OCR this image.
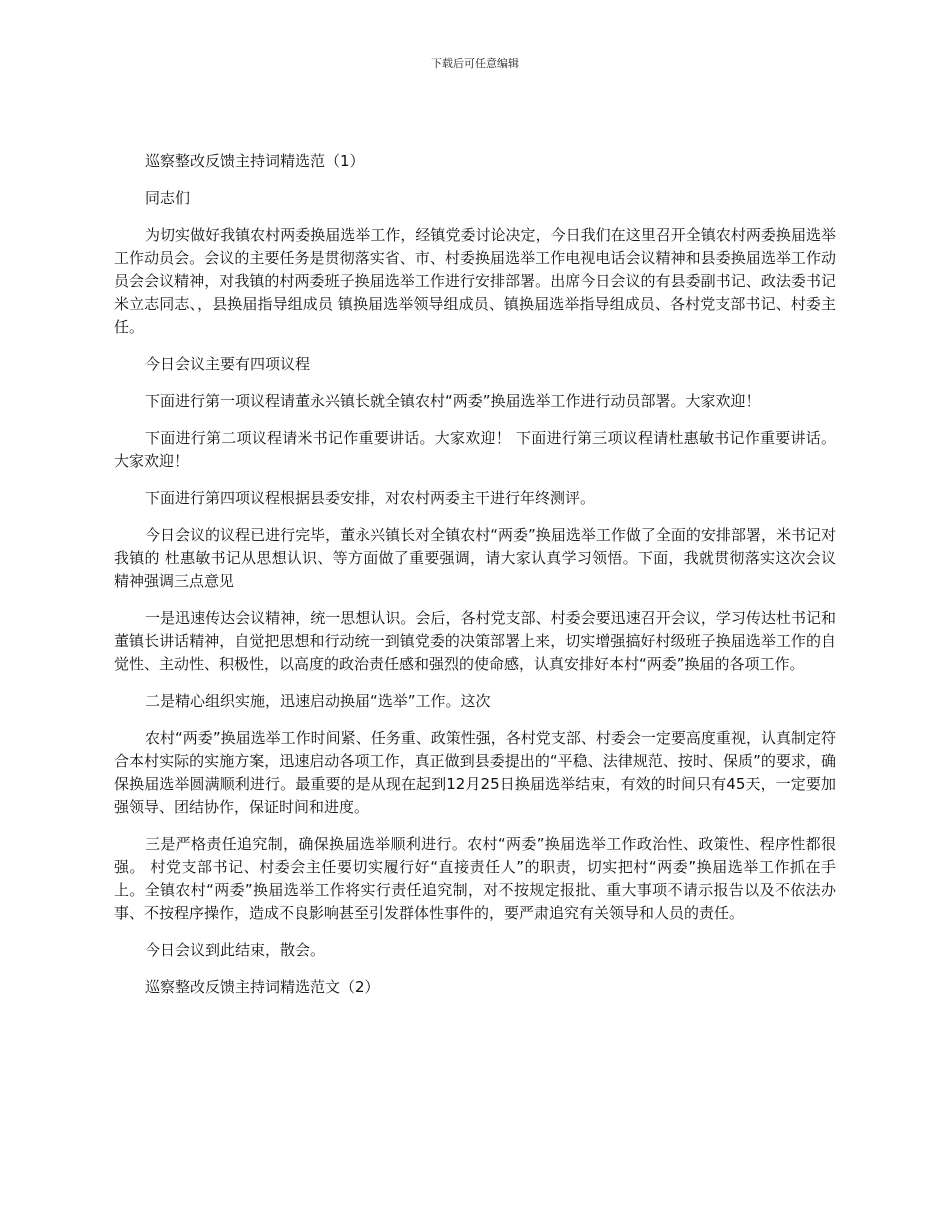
下载后可任意编辑

巡察整改反馈主持词精选范（1）

同志们

为切实做好我镇农村两委换届选举工作，经镇党委讨论决定，今日我们在这里召开全镇农村两委换届选举工作动员会。会议的主要任务是贯彻落实省、市、村委换届选举工作电视电话会议精神和县委换届选举工作动员会会议精神，对我镇的村两委班子换届选举工作进行安排部署。出席今日会议的有县委副书记、政法委书记米立志同志、，县换届指导组成员 镇换届选举领导组成员、镇换届选举指导组成员、各村党支部书记、村委主任。

今日会议主要有四项议程

下面进行第一项议程请董永兴镇长就全镇农村“两委”换届选举工作进行动员部署。大家欢迎！

下面进行第二项议程请米书记作重要讲话。大家欢迎！ 下面进行第三项议程请杜惠敏书记作重要讲话。大家欢迎！

下面进行第四项议程根据县委安排，对农村两委主干进行年终测评。

今日会议的议程已进行完毕，董永兴镇长对全镇农村“两委”换届选举工作做了全面的安排部署，米书记对我镇的 杜惠敏书记从思想认识、等方面做了重要强调，请大家认真学习领悟。下面，我就贯彻落实这次会议精神强调三点意见

一是迅速传达会议精神，统一思想认识。会后，各村党支部、村委会要迅速召开会议，学习传达杜书记和董镇长讲话精神，自觉把思想和行动统一到镇党委的决策部署上来，切实增强搞好村级班子换届选举工作的自觉性、主动性、积极性，以高度的政治责任感和强烈的使命感，认真安排好本村“两委”换届的各项工作。

二是精心组织实施，迅速启动换届“选举”工作。这次

农村“两委”换届选举工作时间紧、任务重、政策性强，各村党支部、村委会一定要高度重视，认真制定符合本村实际的实施方案，迅速启动各项工作，真正做到县委提出的“平稳、法律规范、按时、保质”的要求，确保换届选举圆满顺利进行。最重要的是从现在起到12月25日换届选举结束，有效的时间只有45天，一定要加强领导、团结协作，保证时间和进度。

三是严格责任追究制，确保换届选举顺利进行。农村“两委”换届选举工作政治性、政策性、程序性都很强。 村党支部书记、村委会主任要切实履行好“直接责任人”的职责，切实把村“两委”换届选举工作抓在手上。全镇农村“两委”换届选举工作将实行责任追究制，对不按规定报批、重大事项不请示报告以及不依法办事、不按程序操作，造成不良影响甚至引发群体性事件的，要严肃追究有关领导和人员的责任。

今日会议到此结束，散会。

巡察整改反馈主持词精选范文（2）
